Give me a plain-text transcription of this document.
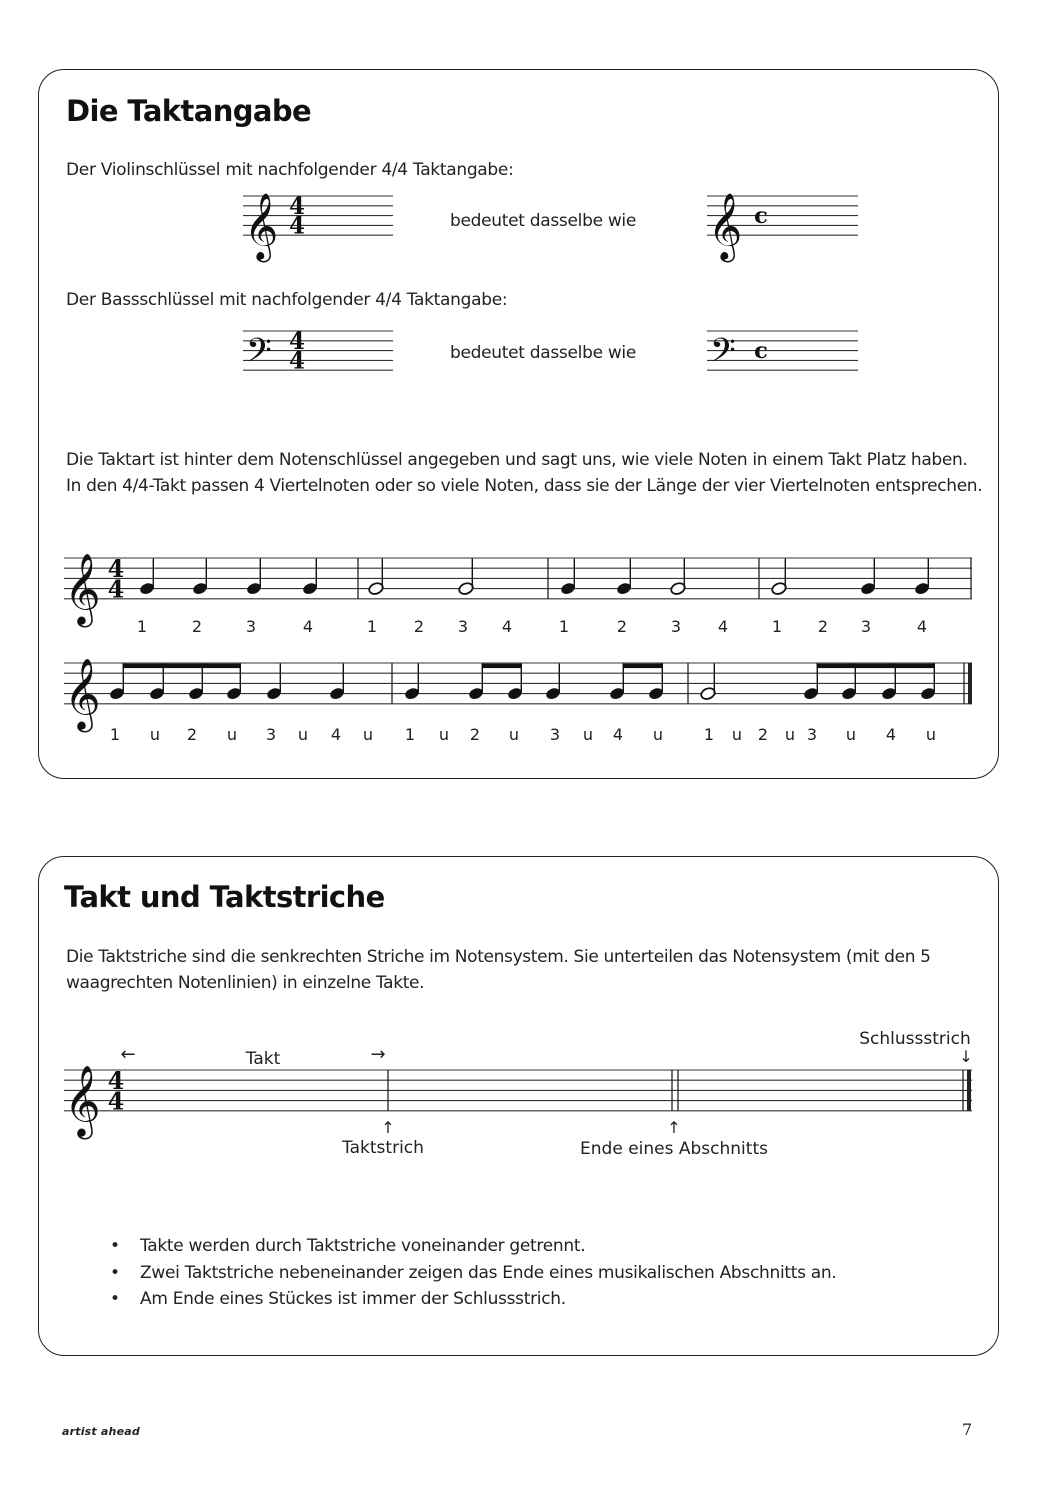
Die Taktangabe
Der Violinschlüssel mit nachfolgender 4/4 Taktangabe:
bedeutet dasselbe wie
Der Bassschlüssel mit nachfolgender 4/4 Taktangabe:
bedeutet dasselbe wie
Die Taktart ist hinter dem Notenschlüssel angegeben und sagt uns, wie viele Noten in einem Takt Platz haben.
In den 4/4-Takt passen 4 Viertelnoten oder so viele Noten, dass sie der Länge der vier Viertelnoten entsprechen.
Takt und Taktstriche
Die Taktstriche sind die senkrechten Striche im Notensystem. Sie unterteilen das Notensystem (mit den 5
waagrechten Notenlinien) in einzelne Takte.
• Takte werden durch Taktstriche voneinander getrennt.
• Zwei Taktstriche nebeneinander zeigen das Ende eines musikalischen Abschnitts an.
• Am Ende eines Stückes ist immer der Schlussstrich.
𝄞 4
4	𝄞 c
𝄢 4
4	𝄢 c
𝄞 4
4
1	2	3	4	1 2 3 4	1	2	3 4	1 2 3	4
𝄞
1 u 2 u 3 u 4 u 1 u 2 u 3 u 4 u	1 u 2 u 3 u 4 u
𝄞 4
4
←	Takt	→
Schlussstrich
↓
↑
Taktstrich
↑
Ende eines Abschnitts
artist ahead	7
